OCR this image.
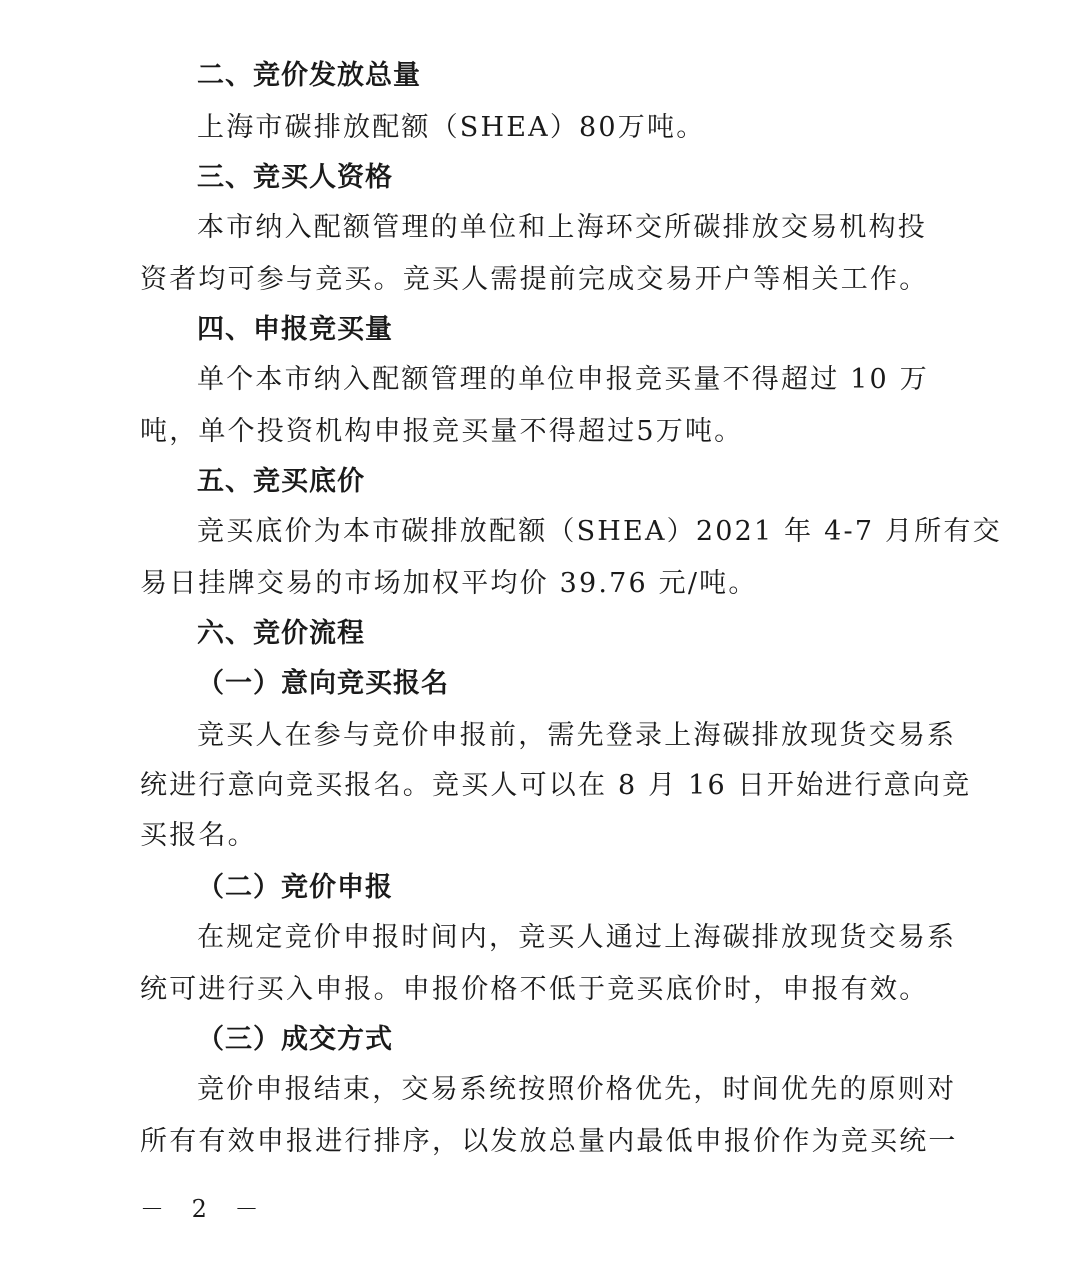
二、竞价发放总量
上海市碳排放配额（SHEA）80万吨。
三、竞买人资格
本市纳入配额管理的单位和上海环交所碳排放交易机构投
资者均可参与竞买。竞买人需提前完成交易开户等相关工作。
四、申报竞买量
单个本市纳入配额管理的单位申报竞买量不得超过 10 万
吨，单个投资机构申报竞买量不得超过5万吨。
五、竞买底价
竞买底价为本市碳排放配额（SHEA）2021 年 4-7 月所有交
易日挂牌交易的市场加权平均价 39.76 元/吨。
六、竞价流程
（一）意向竞买报名
竞买人在参与竞价申报前，需先登录上海碳排放现货交易系
统进行意向竞买报名。竞买人可以在 8 月 16 日开始进行意向竞
买报名。
（二）竞价申报
在规定竞价申报时间内，竞买人通过上海碳排放现货交易系
统可进行买入申报。申报价格不低于竞买底价时，申报有效。
（三）成交方式
竞价申报结束，交易系统按照价格优先，时间优先的原则对
所有有效申报进行排序，以发放总量内最低申报价作为竞买统一
－ 2 －
